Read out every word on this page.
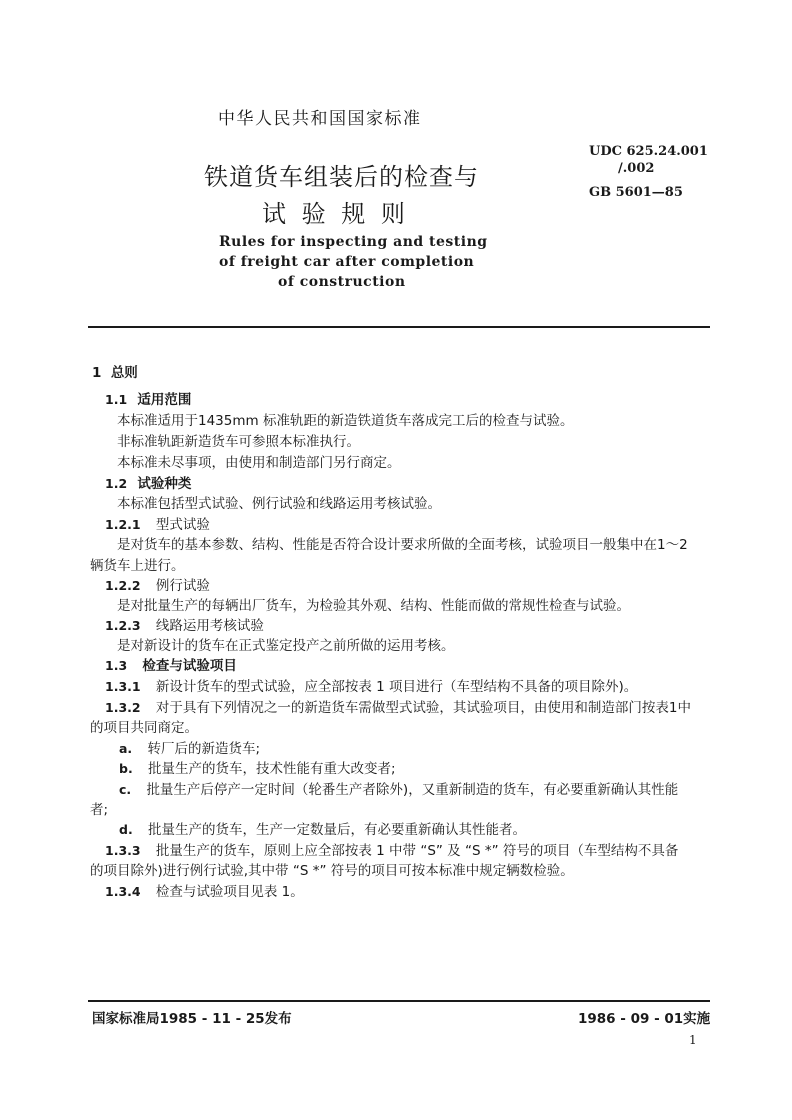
中华人民共和国国家标准
铁道货车组装后的检查与
试 验 规 则
Rules for inspecting and testing
of freight car after completion
of construction
UDC 625.24.001
/.002
GB 5601—85
1 总则
1.1 适用范围
本标准适用于1435mm 标准轨距的新造铁道货车落成完工后的检查与试验。
非标准轨距新造货车可参照本标准执行。
本标准未尽事项，由使用和制造部门另行商定。
1.2 试验种类
本标准包括型式试验、例行试验和线路运用考核试验。
1.2.1 型式试验
是对货车的基本参数、结构、性能是否符合设计要求所做的全面考核，试验项目一般集中在1～2
辆货车上进行。
1.2.2 例行试验
是对批量生产的每辆出厂货车，为检验其外观、结构、性能而做的常规性检查与试验。
1.2.3 线路运用考核试验
是对新设计的货车在正式鉴定投产之前所做的运用考核。
1.3 检查与试验项目
1.3.1 新设计货车的型式试验，应全部按表 1 项目进行（车型结构不具备的项目除外)。
1.3.2 对于具有下列情况之一的新造货车需做型式试验，其试验项目，由使用和制造部门按表1中
的项目共同商定。
a. 转厂后的新造货车;
b. 批量生产的货车，技术性能有重大改变者;
c. 批量生产后停产一定时间（轮番生产者除外)，又重新制造的货车，有必要重新确认其性能
者;
d. 批量生产的货车，生产一定数量后，有必要重新确认其性能者。
1.3.3 批量生产的货车，原则上应全部按表 1 中带 “S” 及 “S *” 符号的项目（车型结构不具备
的项目除外)进行例行试验,其中带 “S *” 符号的项目可按本标准中规定辆数检验。
1.3.4 检查与试验项目见表 1。
国家标准局1985 - 11 - 25发布	1986 - 09 - 01实施
1
